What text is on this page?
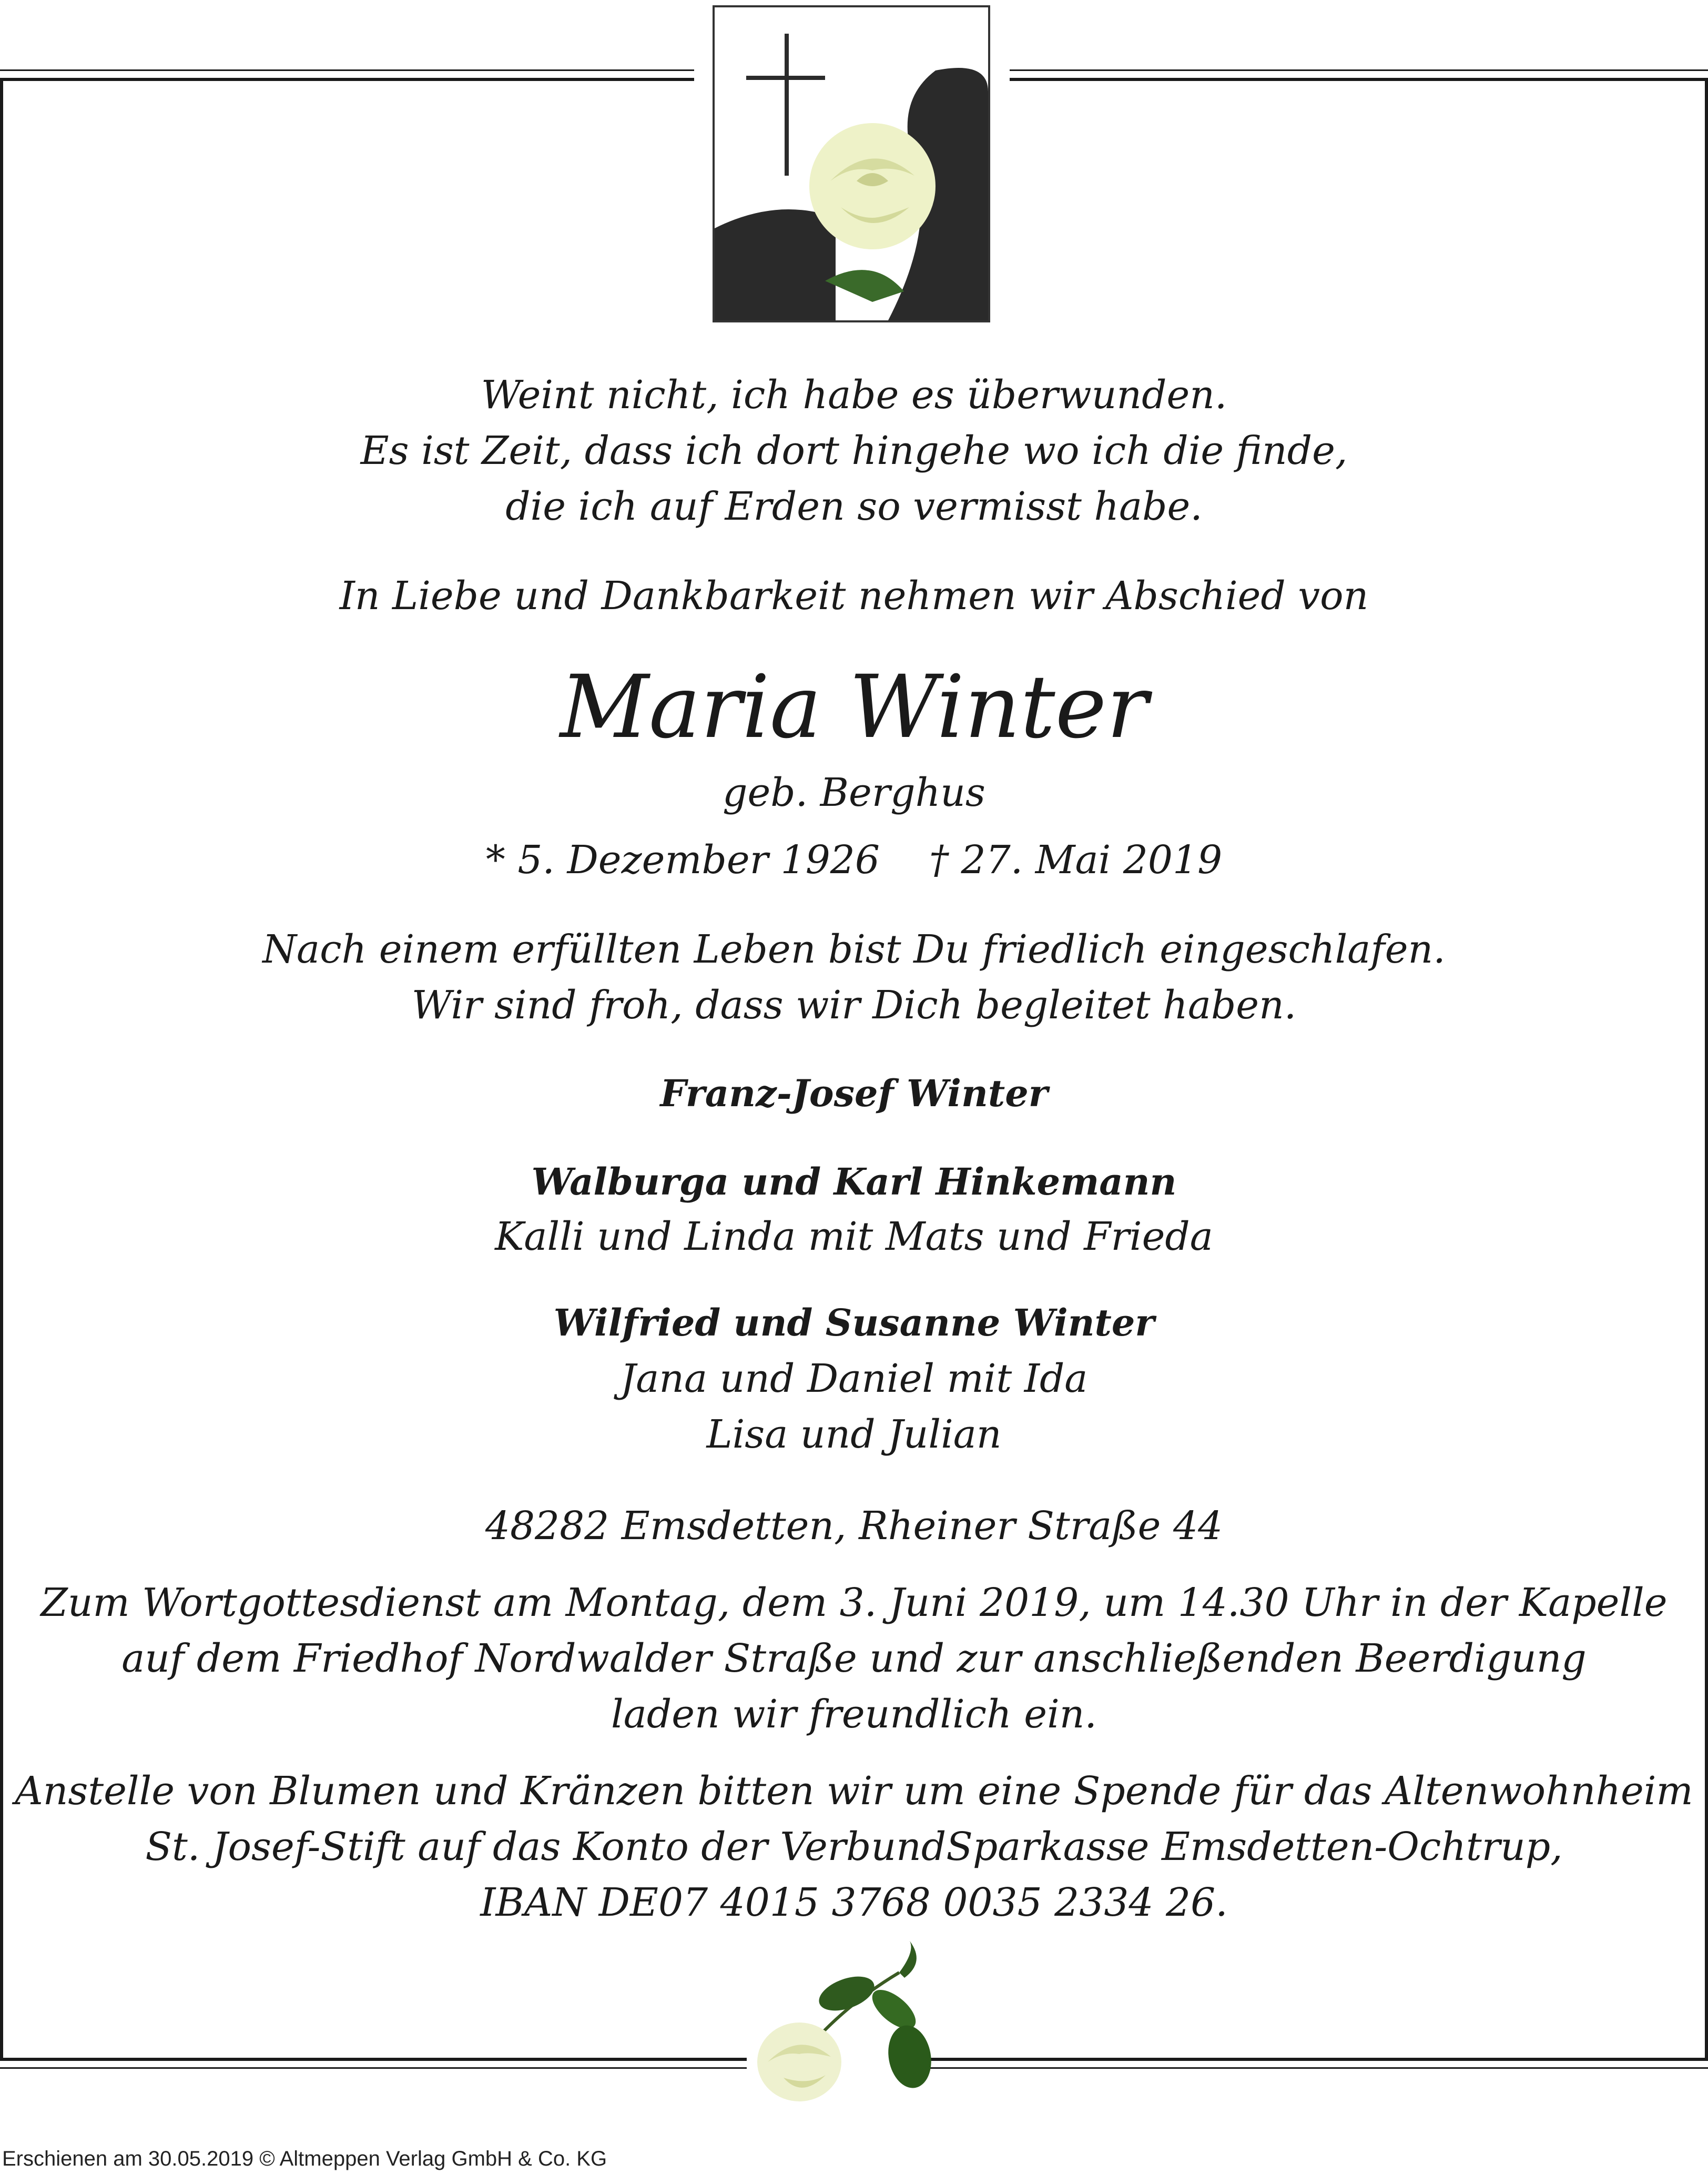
Weint nicht, ich habe es überwunden.

Es ist Zeit, dass ich dort hingehe wo ich die finde,

die ich auf Erden so vermisst habe.

In Liebe und Dankbarkeit nehmen wir Abschied von

Maria Winter

geb. Berghus

* 5. Dezember 1926    † 27. Mai 2019

Nach einem erfüllten Leben bist Du friedlich eingeschlafen.

Wir sind froh, dass wir Dich begleitet haben.

Franz-Josef Winter

Walburga und Karl Hinkemann

Kalli und Linda mit Mats und Frieda

Wilfried und Susanne Winter

Jana und Daniel mit Ida

Lisa und Julian

48282 Emsdetten, Rheiner Straße 44

Zum Wortgottesdienst am Montag, dem 3. Juni 2019, um 14.30 Uhr in der Kapelle

auf dem Friedhof Nordwalder Straße und zur anschließenden Beerdigung

laden wir freundlich ein.

Anstelle von Blumen und Kränzen bitten wir um eine Spende für das Altenwohnheim

St. Josef-Stift auf das Konto der VerbundSparkasse Emsdetten-Ochtrup,

IBAN DE07 4015 3768 0035 2334 26.

Erschienen am 30.05.2019 © Altmeppen Verlag GmbH & Co. KG
